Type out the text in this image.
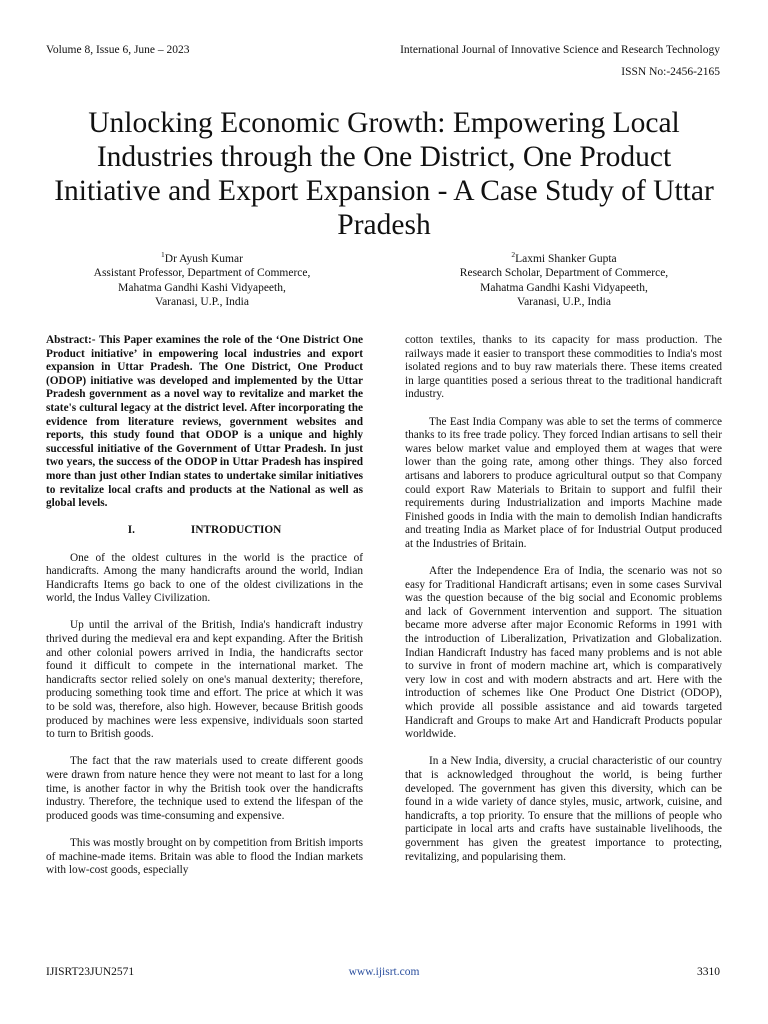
Volume 8, Issue 6, June – 2023	International Journal of Innovative Science and Research Technology
ISSN No:-2456-2165
Unlocking Economic Growth: Empowering Local Industries through the One District, One Product Initiative and Export Expansion - A Case Study of Uttar Pradesh
$^1$Dr Ayush Kumar
Assistant Professor, Department of Commerce,
Mahatma Gandhi Kashi Vidyapeeth,
Varanasi, U.P., India
$^2$Laxmi Shanker Gupta
Research Scholar, Department of Commerce,
Mahatma Gandhi Kashi Vidyapeeth,
Varanasi, U.P., India

Abstract:- This Paper examines the role of the ‘One District One Product initiative’ in empowering local industries and export expansion in Uttar Pradesh. The One District, One Product (ODOP) initiative was developed and implemented by the Uttar Pradesh government as a novel way to revitalize and market the state's cultural legacy at the district level. After incorporating the evidence from literature reviews, government websites and reports, this study found that ODOP is a unique and highly successful initiative of the Government of Uttar Pradesh. In just two years, the success of the ODOP in Uttar Pradesh has inspired more than just other Indian states to undertake similar initiatives to revitalize local crafts and products at the National as well as global levels.

I.	INTRODUCTION

One of the oldest cultures in the world is the practice of handicrafts. Among the many handicrafts around the world, Indian Handicrafts Items go back to one of the oldest civilizations in the world, the Indus Valley Civilization.

Up until the arrival of the British, India's handicraft industry thrived during the medieval era and kept expanding. After the British and other colonial powers arrived in India, the handicrafts sector found it difficult to compete in the international market. The handicrafts sector relied solely on one's manual dexterity; therefore, producing something took time and effort. The price at which it was to be sold was, therefore, also high. However, because British goods produced by machines were less expensive, individuals soon started to turn to British goods.

The fact that the raw materials used to create different goods were drawn from nature hence they were not meant to last for a long time, is another factor in why the British took over the handicrafts industry. Therefore, the technique used to extend the lifespan of the produced goods was time-consuming and expensive.

This was mostly brought on by competition from British imports of machine-made items. Britain was able to flood the Indian markets with low-cost goods, especially

cotton textiles, thanks to its capacity for mass production. The railways made it easier to transport these commodities to India's most isolated regions and to buy raw materials there. These items created in large quantities posed a serious threat to the traditional handicraft industry.

The East India Company was able to set the terms of commerce thanks to its free trade policy. They forced Indian artisans to sell their wares below market value and employed them at wages that were lower than the going rate, among other things. They also forced artisans and laborers to produce agricultural output so that Company could export Raw Materials to Britain to support and fulfil their requirements during Industrialization and imports Machine made Finished goods in India with the main to demolish Indian handicrafts and treating India as Market place of for Industrial Output produced at the Industries of Britain.

After the Independence Era of India, the scenario was not so easy for Traditional Handicraft artisans; even in some cases Survival was the question because of the big social and Economic problems and lack of Government intervention and support. The situation became more adverse after major Economic Reforms in 1991 with the introduction of Liberalization, Privatization and Globalization. Indian Handicraft Industry has faced many problems and is not able to survive in front of modern machine art, which is comparatively very low in cost and with modern abstracts and art. Here with the introduction of schemes like One Product One District (ODOP), which provide all possible assistance and aid towards targeted Handicraft and Groups to make Art and Handicraft Products popular worldwide.

In a New India, diversity, a crucial characteristic of our country that is acknowledged throughout the world, is being further developed. The government has given this diversity, which can be found in a wide variety of dance styles, music, artwork, cuisine, and handicrafts, a top priority. To ensure that the millions of people who participate in local arts and crafts have sustainable livelihoods, the government has given the greatest importance to protecting, revitalizing, and popularising them.

IJISRT23JUN2571	www.ijisrt.com	3310
